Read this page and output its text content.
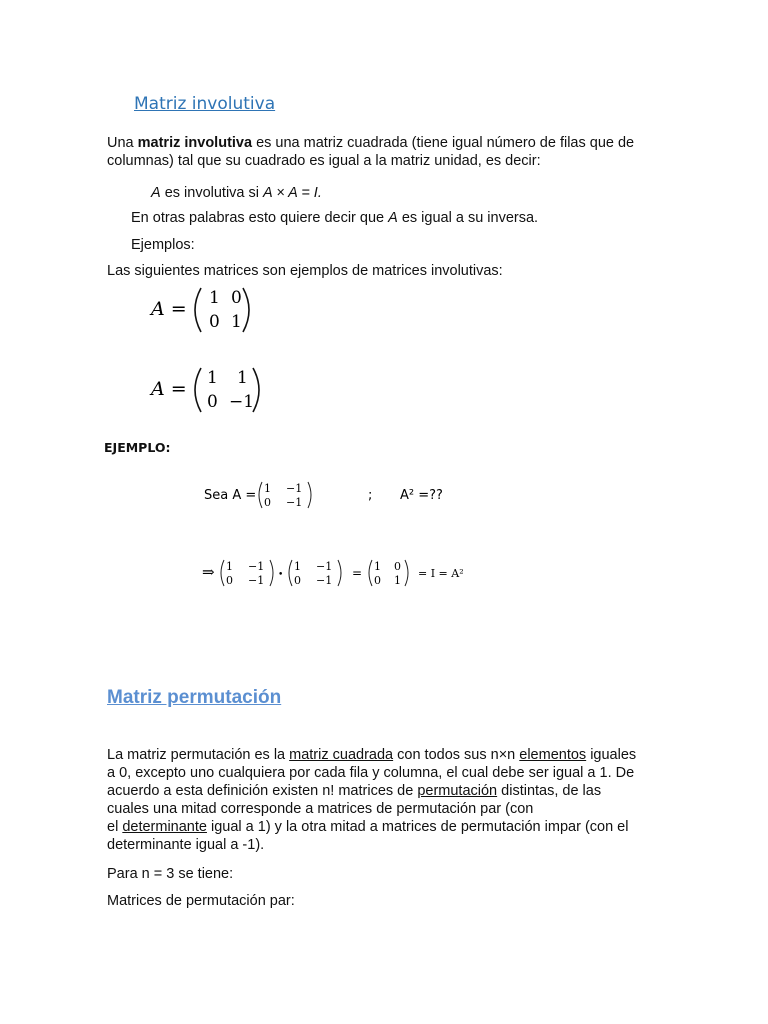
Matriz involutiva
Una matriz involutiva es una matriz cuadrada (tiene igual número de filas que de
columnas) tal que su cuadrado es igual a la matriz unidad, es decir:
A es involutiva si A × A = I.
En otras palabras esto quiere decir que A es igual a su inversa.
Ejemplos:
Las siguientes matrices son ejemplos de matrices involutivas:
A = 1 0
0 1
A = 1 1
0 −1
EJEMPLO:
Sea A = 1 −1
0 −1	; A² =??
⇒ 1 −1
0 −1 •
1 −1
0 −1
= 1 0
0 1
= I = A²
Matriz permutación
La matriz permutación es la matriz cuadrada con todos sus n×n elementos iguales
a 0, excepto uno cualquiera por cada fila y columna, el cual debe ser igual a 1. De
acuerdo a esta definición existen n! matrices de permutación distintas, de las
cuales una mitad corresponde a matrices de permutación par (con
el determinante igual a 1) y la otra mitad a matrices de permutación impar (con el
determinante igual a -1).
Para n = 3 se tiene:
Matrices de permutación par:
